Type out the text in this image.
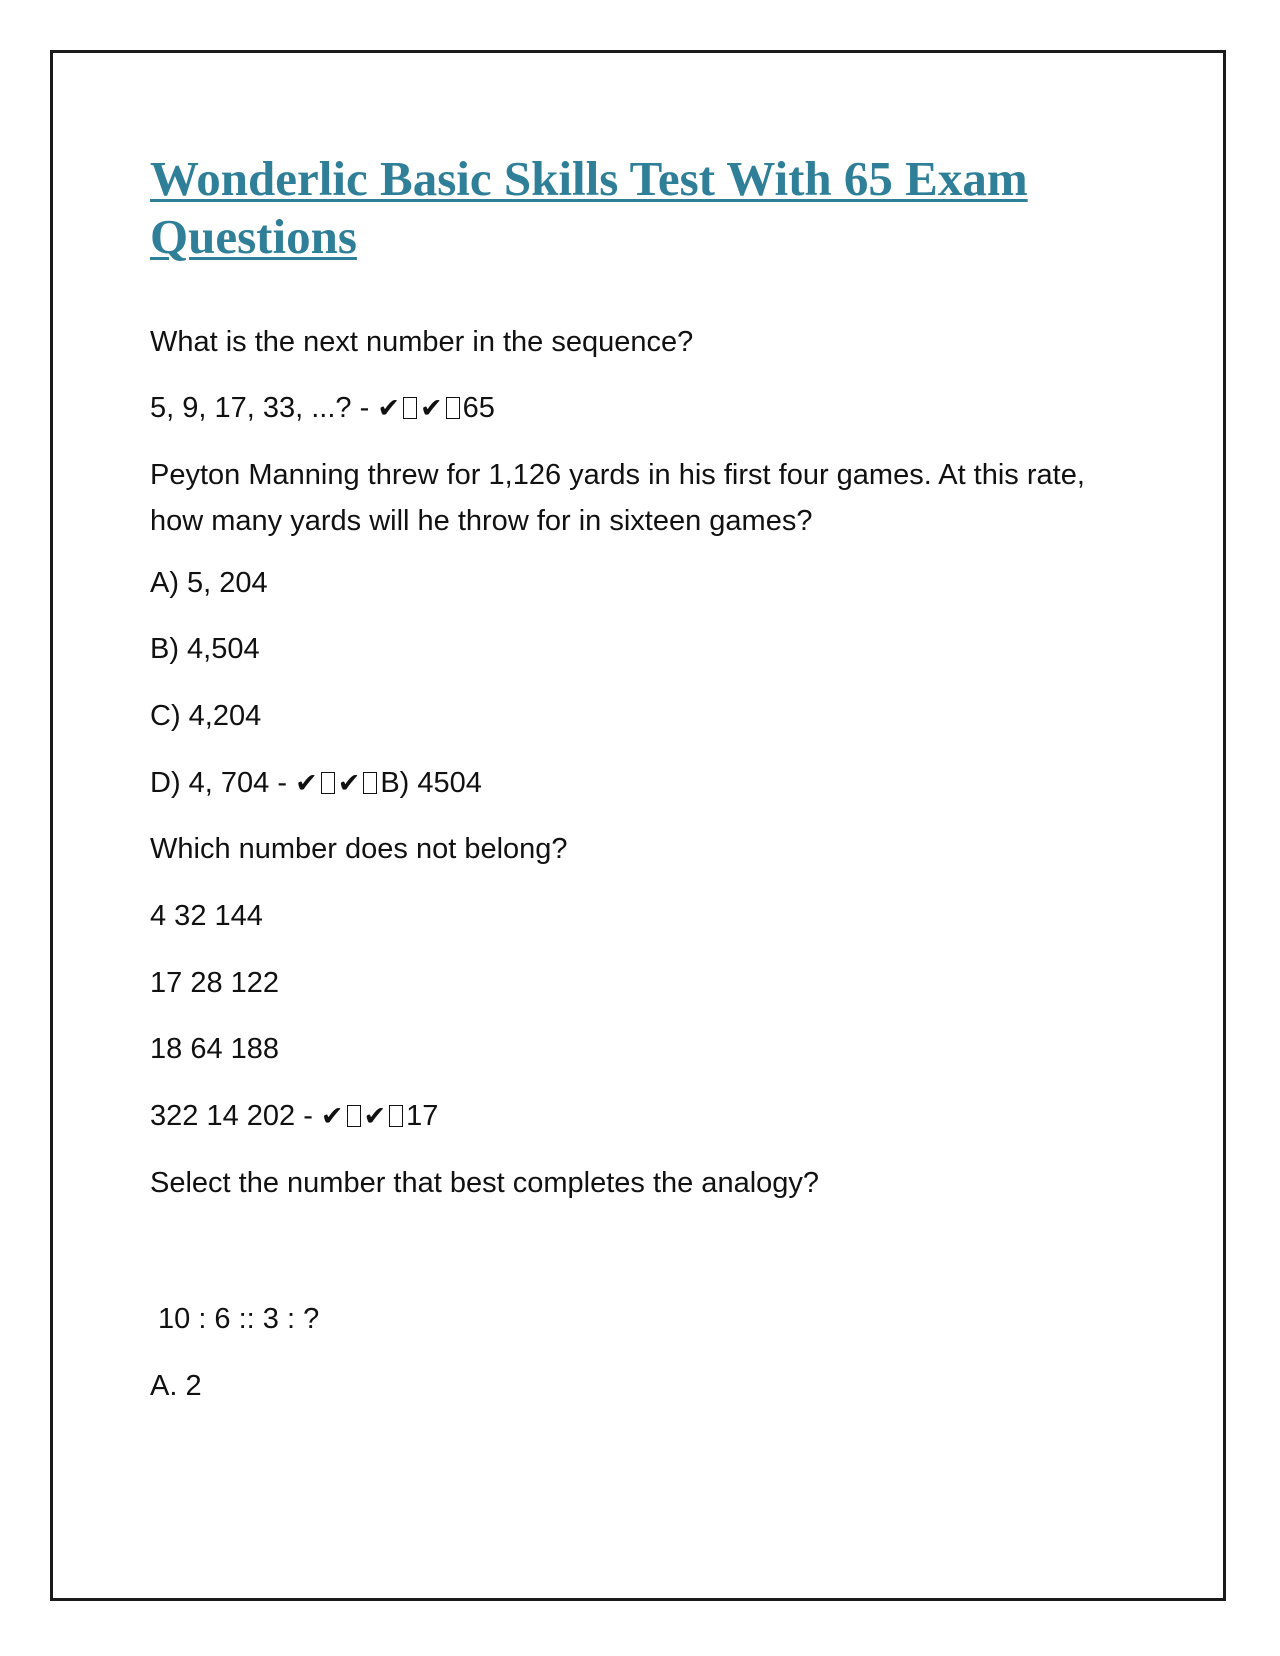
Wonderlic Basic Skills Test With 65 Exam Questions

What is the next number in the sequence?

5, 9, 17, 33, ...? - ✔ ✔ 65

Peyton Manning threw for 1,126 yards in his first four games. At this rate, how many yards will he throw for in sixteen games?

A) 5, 204

B) 4,504

C) 4,204

D) 4, 704 - ✔ ✔ B) 4504

Which number does not belong?

4 32 144

17 28 122

18 64 188

322 14 202 - ✔ ✔ 17

Select the number that best completes the analogy?

10 : 6 :: 3 : ?

A. 2
